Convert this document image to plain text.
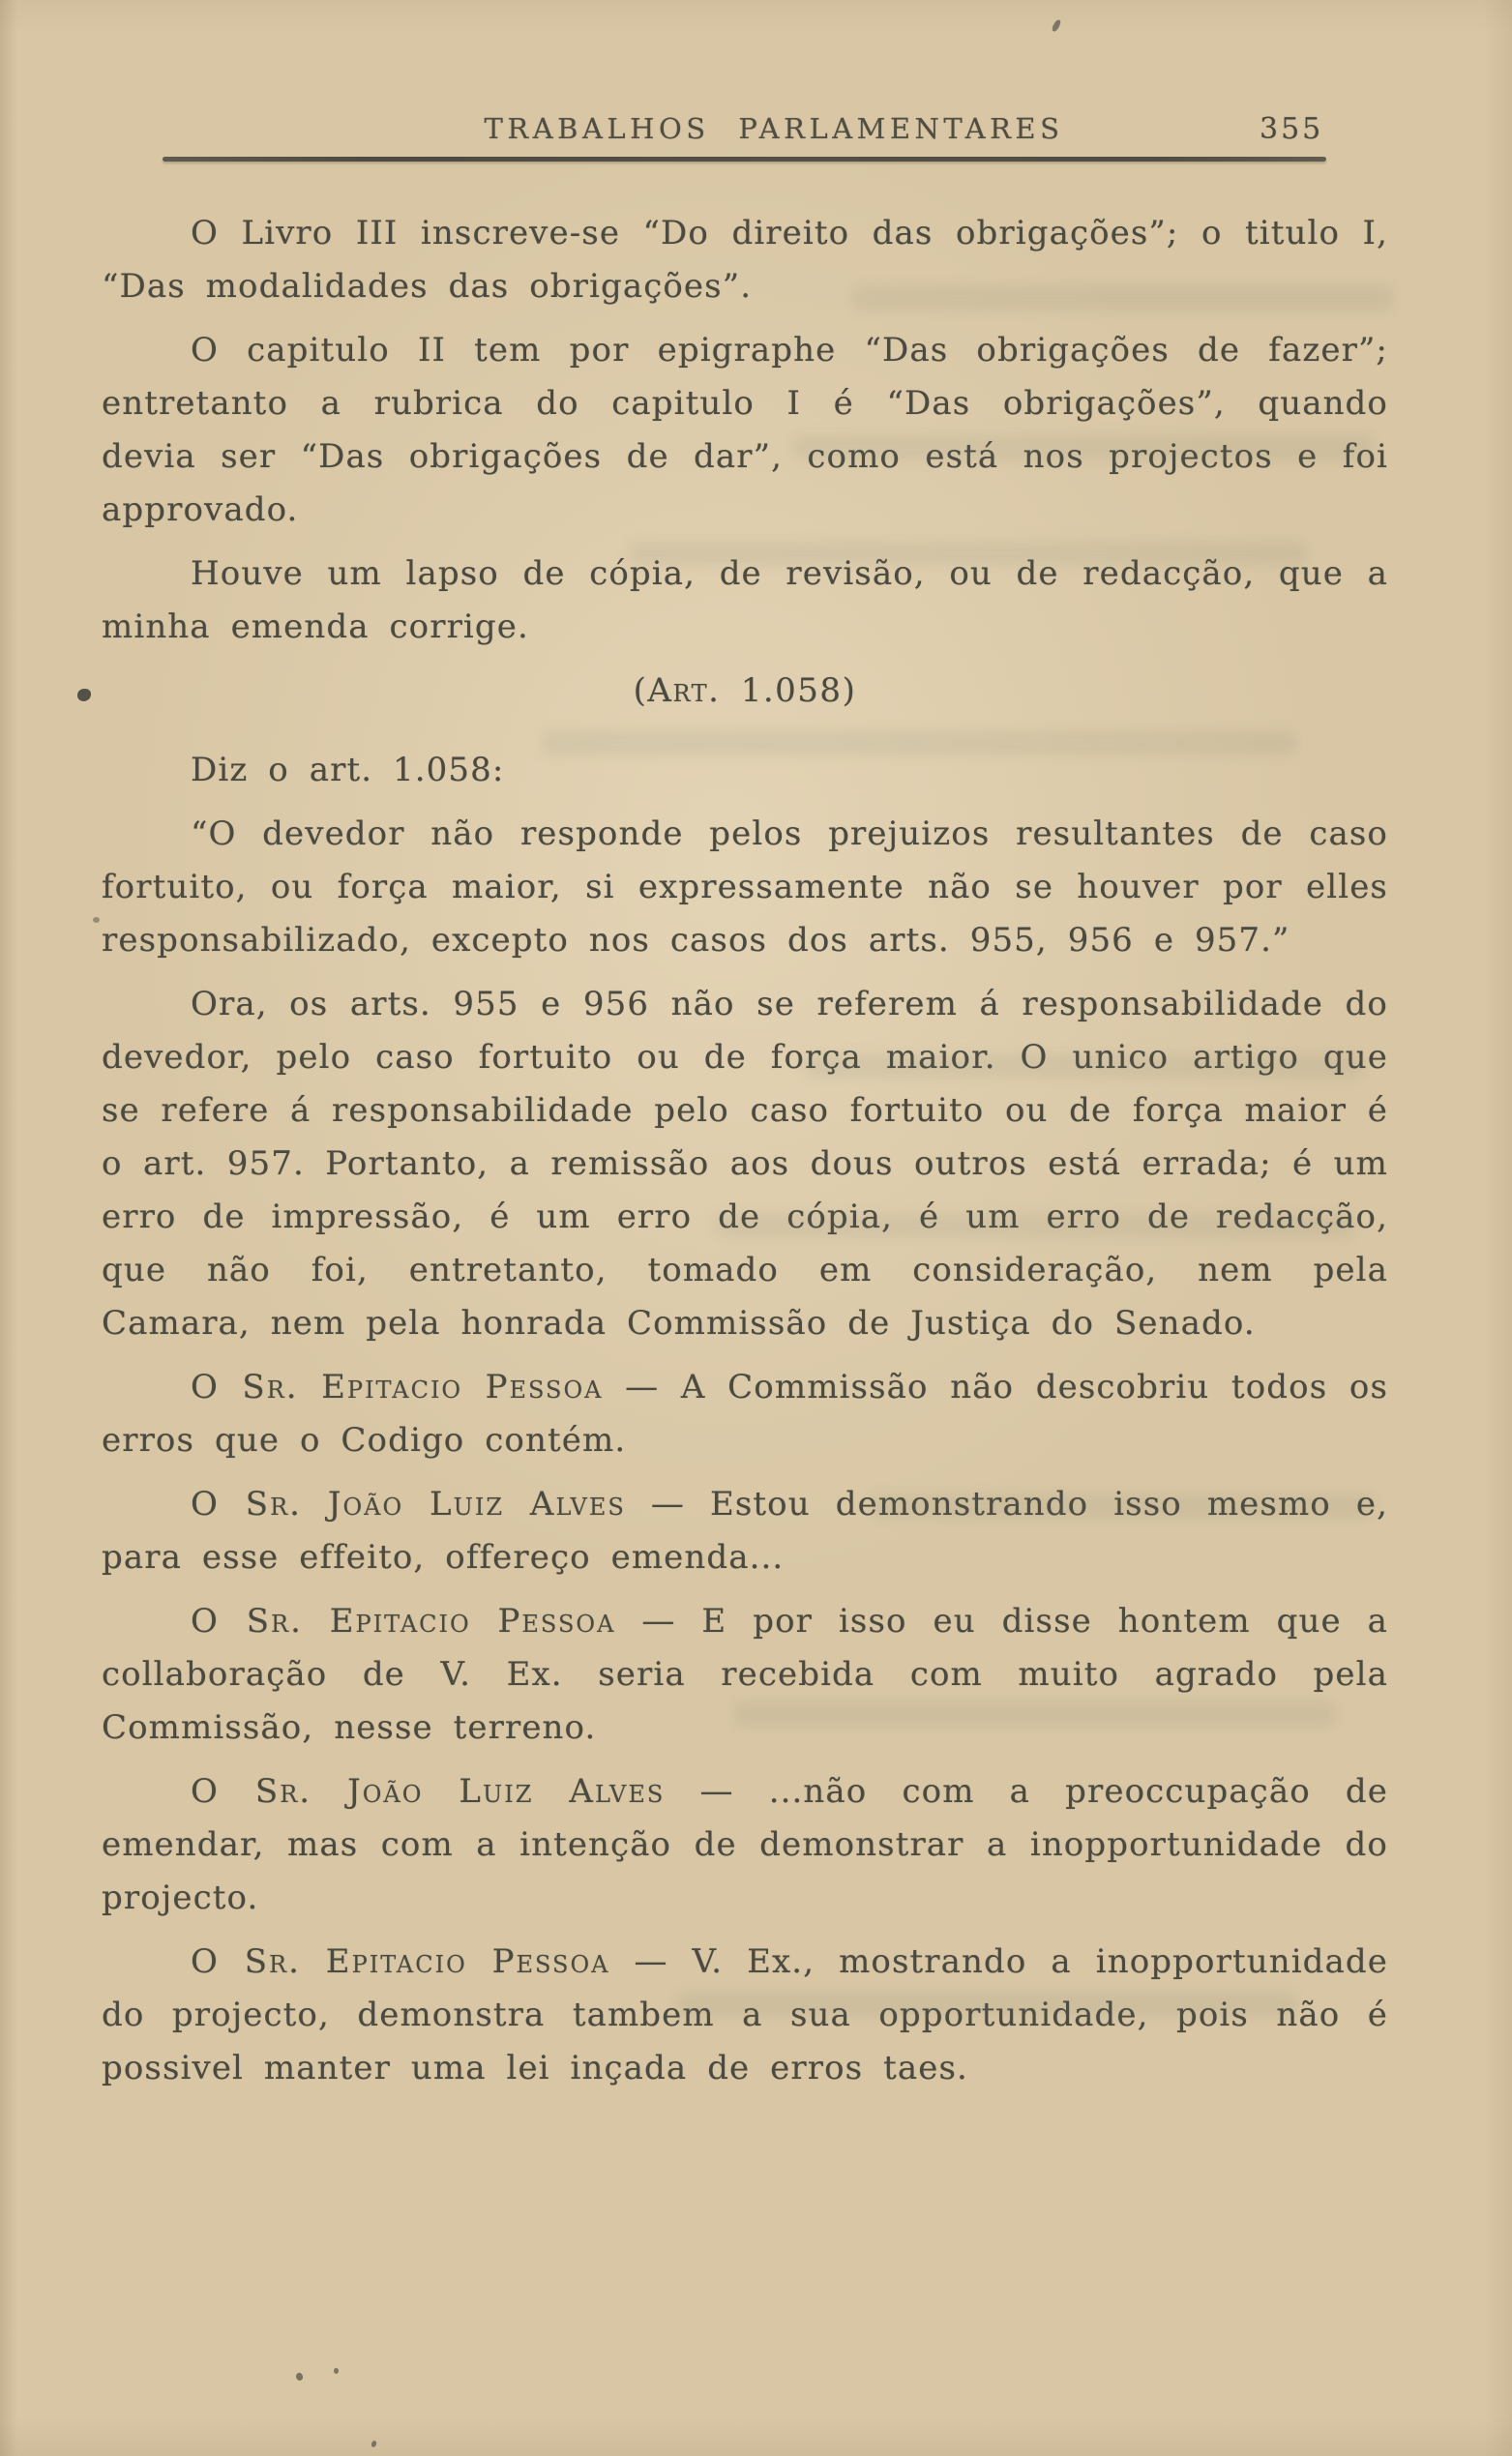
TRABALHOS PARLAMENTARES	355

O Livro III inscreve-se “Do direito das obrigações”; o titulo I, “Das modalidades das obrigações”.

O capitulo II tem por epigraphe “Das obrigações de fazer”; entretanto a rubrica do capitulo I é “Das obrigações”, quando devia ser “Das obrigações de dar”, como está nos projectos e foi approvado.

Houve um lapso de cópia, de revisão, ou de redacção, que a minha emenda corrige.

(Art. 1.058)

Diz o art. 1.058:

“O devedor não responde pelos prejuizos resultantes de caso fortuito, ou força maior, si expressamente não se houver por elles responsabilizado, excepto nos casos dos arts. 955, 956 e 957.”

Ora, os arts. 955 e 956 não se referem á responsabilidade do devedor, pelo caso fortuito ou de força maior. O unico artigo que se refere á responsabilidade pelo caso fortuito ou de força maior é o art. 957. Portanto, a remissão aos dous outros está errada; é um erro de impressão, é um erro de cópia, é um erro de redacção, que não foi, entretanto, tomado em consideração, nem pela Camara, nem pela honrada Commissão de Justiça do Senado.

O Sr. Epitacio Pessoa — A Commissão não descobriu todos os erros que o Codigo contém.

O Sr. João Luiz Alves — Estou demonstrando isso mesmo e, para esse effeito, offereço emenda...

O Sr. Epitacio Pessoa — E por isso eu disse hontem que a collaboração de V. Ex. seria recebida com muito agrado pela Commissão, nesse terreno.

O Sr. João Luiz Alves — ...não com a preoccupação de emendar, mas com a intenção de demonstrar a inopportunidade do projecto.

O Sr. Epitacio Pessoa — V. Ex., mostrando a inopportunidade do projecto, demonstra tambem a sua opportunidade, pois não é possivel manter uma lei inçada de erros taes.
